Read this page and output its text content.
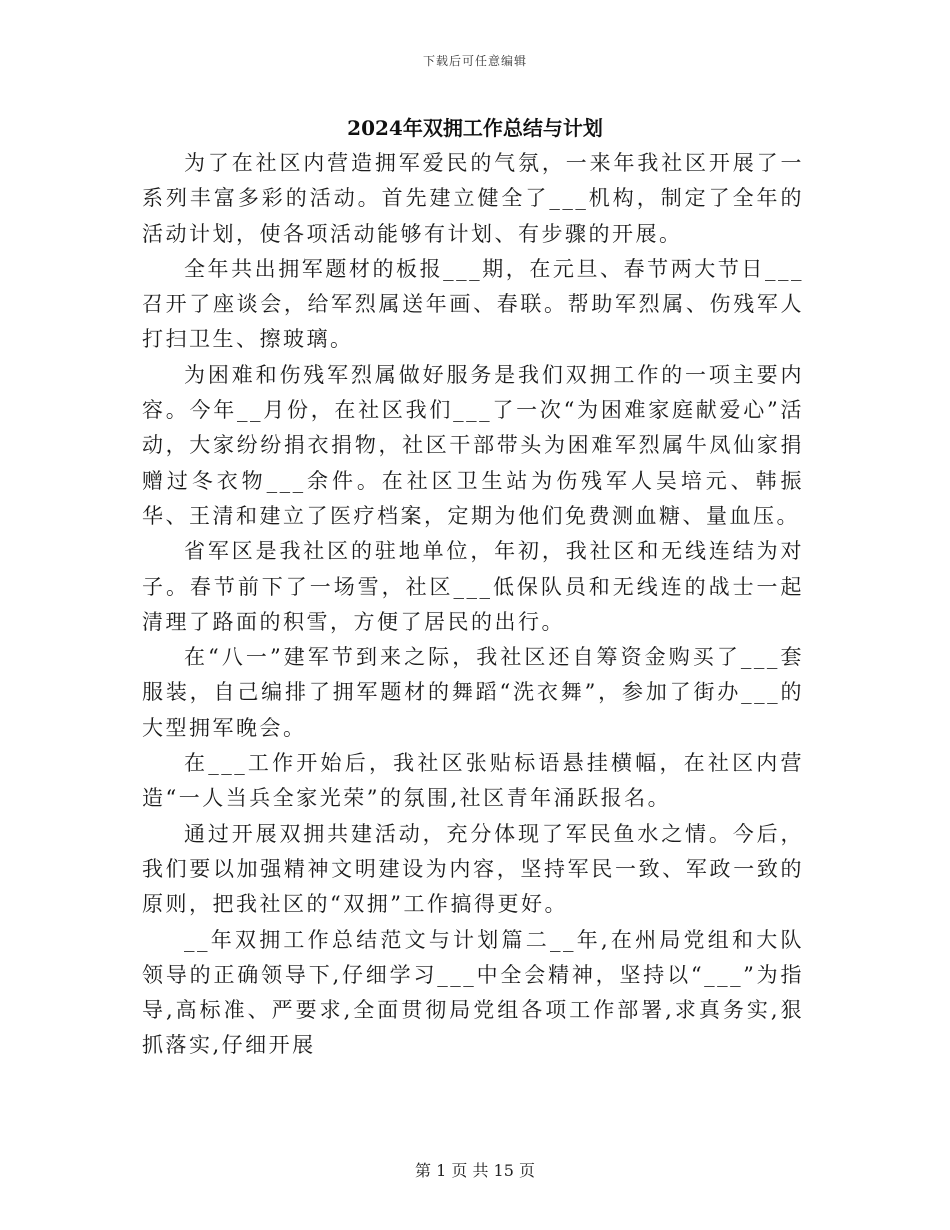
下载后可任意编辑
2024年双拥工作总结与计划

为了在社区内营造拥军爱民的气氛，一来年我社区开展了一系列丰富多彩的活动。首先建立健全了___机构，制定了全年的活动计划，使各项活动能够有计划、有步骤的开展。

全年共出拥军题材的板报___期，在元旦、春节两大节日___召开了座谈会，给军烈属送年画、春联。帮助军烈属、伤残军人打扫卫生、擦玻璃。

为困难和伤残军烈属做好服务是我们双拥工作的一项主要内容。今年__月份，在社区我们___了一次“为困难家庭献爱心”活动，大家纷纷捐衣捐物，社区干部带头为困难军烈属牛凤仙家捐赠过冬衣物___余件。在社区卫生站为伤残军人吴培元、韩振华、王清和建立了医疗档案，定期为他们免费测血糖、量血压。

省军区是我社区的驻地单位，年初，我社区和无线连结为对子。春节前下了一场雪，社区___低保队员和无线连的战士一起清理了路面的积雪，方便了居民的出行。

在“八一”建军节到来之际，我社区还自筹资金购买了___套服装，自己编排了拥军题材的舞蹈“洗衣舞”，参加了街办___的大型拥军晚会。

在___工作开始后，我社区张贴标语悬挂横幅，在社区内营造“一人当兵全家光荣”的氛围,社区青年涌跃报名。

通过开展双拥共建活动，充分体现了军民鱼水之情。今后，我们要以加强精神文明建设为内容，坚持军民一致、军政一致的原则，把我社区的“双拥”工作搞得更好。

__年双拥工作总结范文与计划篇二__年,在州局党组和大队领导的正确领导下,仔细学习___中全会精神，坚持以“___”为指导,高标准、严要求,全面贯彻局党组各项工作部署,求真务实,狠抓落实,仔细开展

第 1 页 共 15 页
